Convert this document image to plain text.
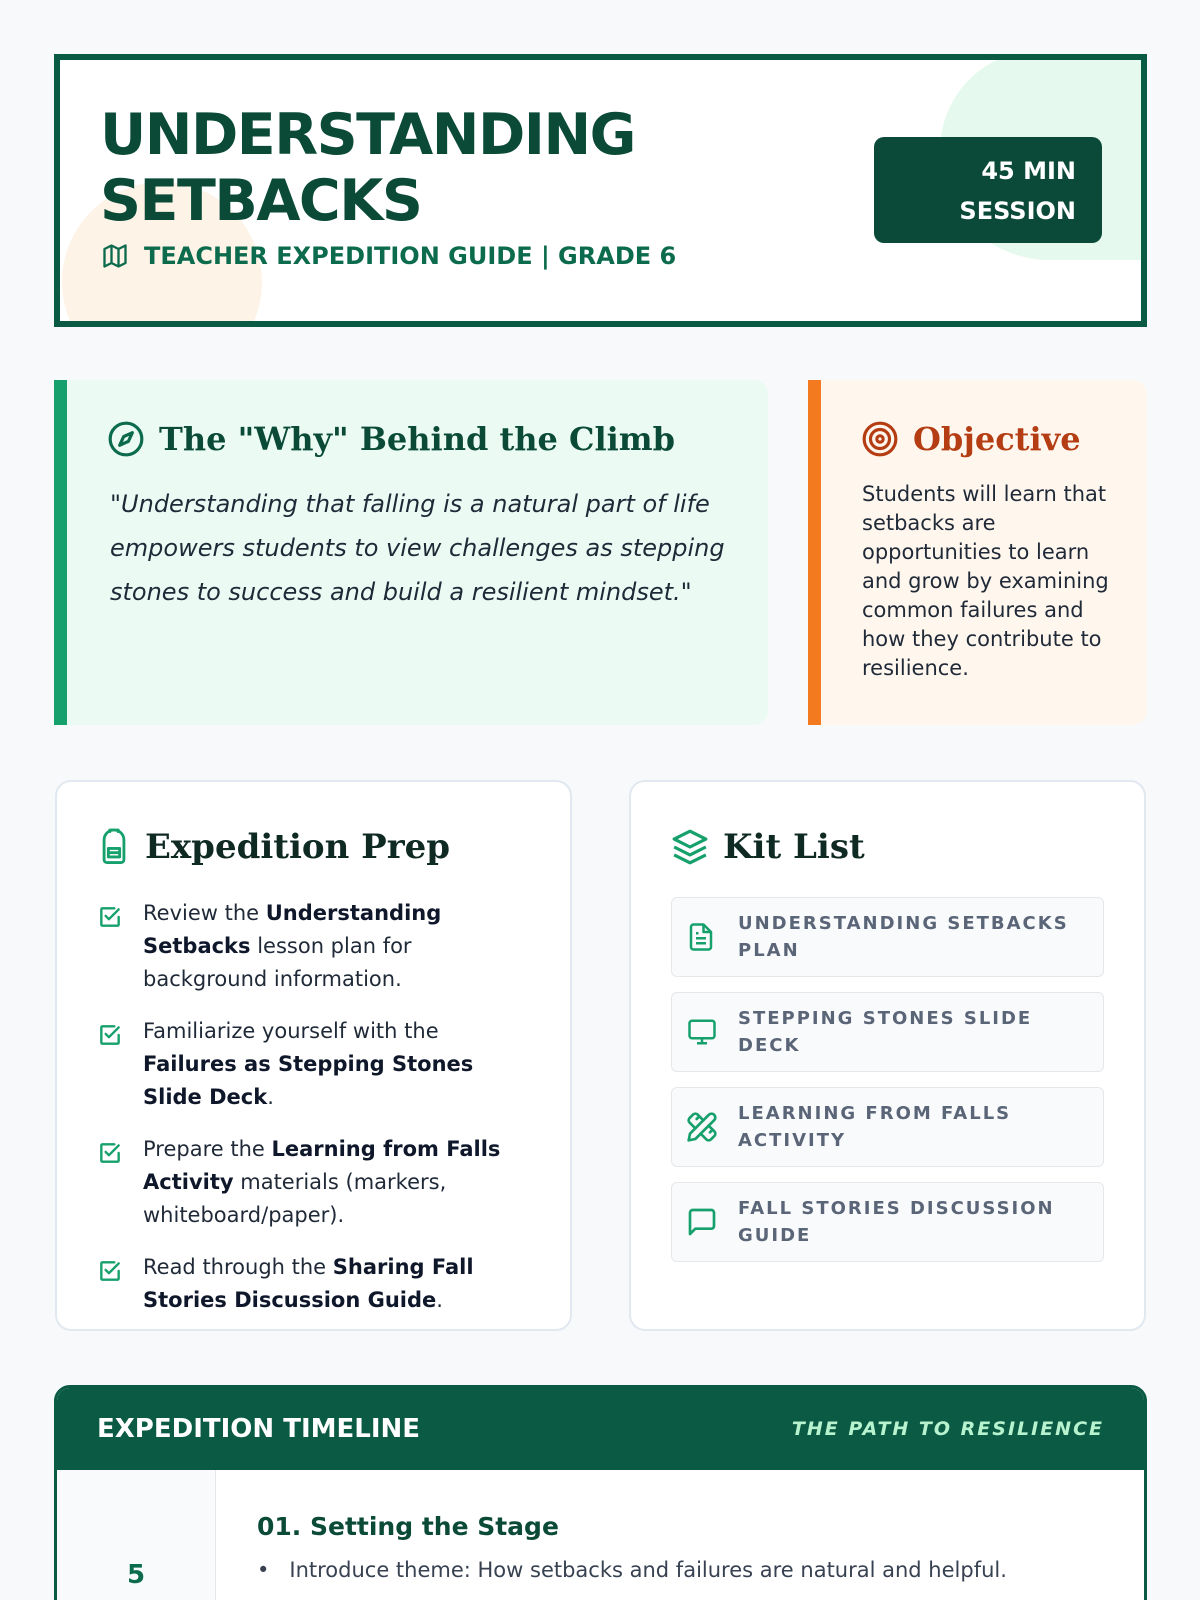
UNDERSTANDING
SETBACKS
TEACHER EXPEDITION GUIDE | GRADE 6
45 MIN
SESSION
The "Why" Behind the Climb

"Understanding that falling is a natural part of life empowers students to view challenges as stepping stones to success and build a resilient mindset."

Objective

Students will learn that setbacks are opportunities to learn and grow by examining common failures and how they contribute to resilience.

Expedition Prep
Review the Understanding Setbacks lesson plan for background information.
Familiarize yourself with the Failures as Stepping Stones Slide Deck.
Prepare the Learning from Falls Activity materials (markers, whiteboard/paper).
Read through the Sharing Fall Stories Discussion Guide.
Kit List
UNDERSTANDING SETBACKS PLAN
STEPPING STONES SLIDE DECK
LEARNING FROM FALLS ACTIVITY
FALL STORIES DISCUSSION GUIDE
EXPEDITION TIMELINE	THE PATH TO RESILIENCE
5
01. Setting the Stage
• Introduce theme: How setbacks and failures are natural and helpful.
